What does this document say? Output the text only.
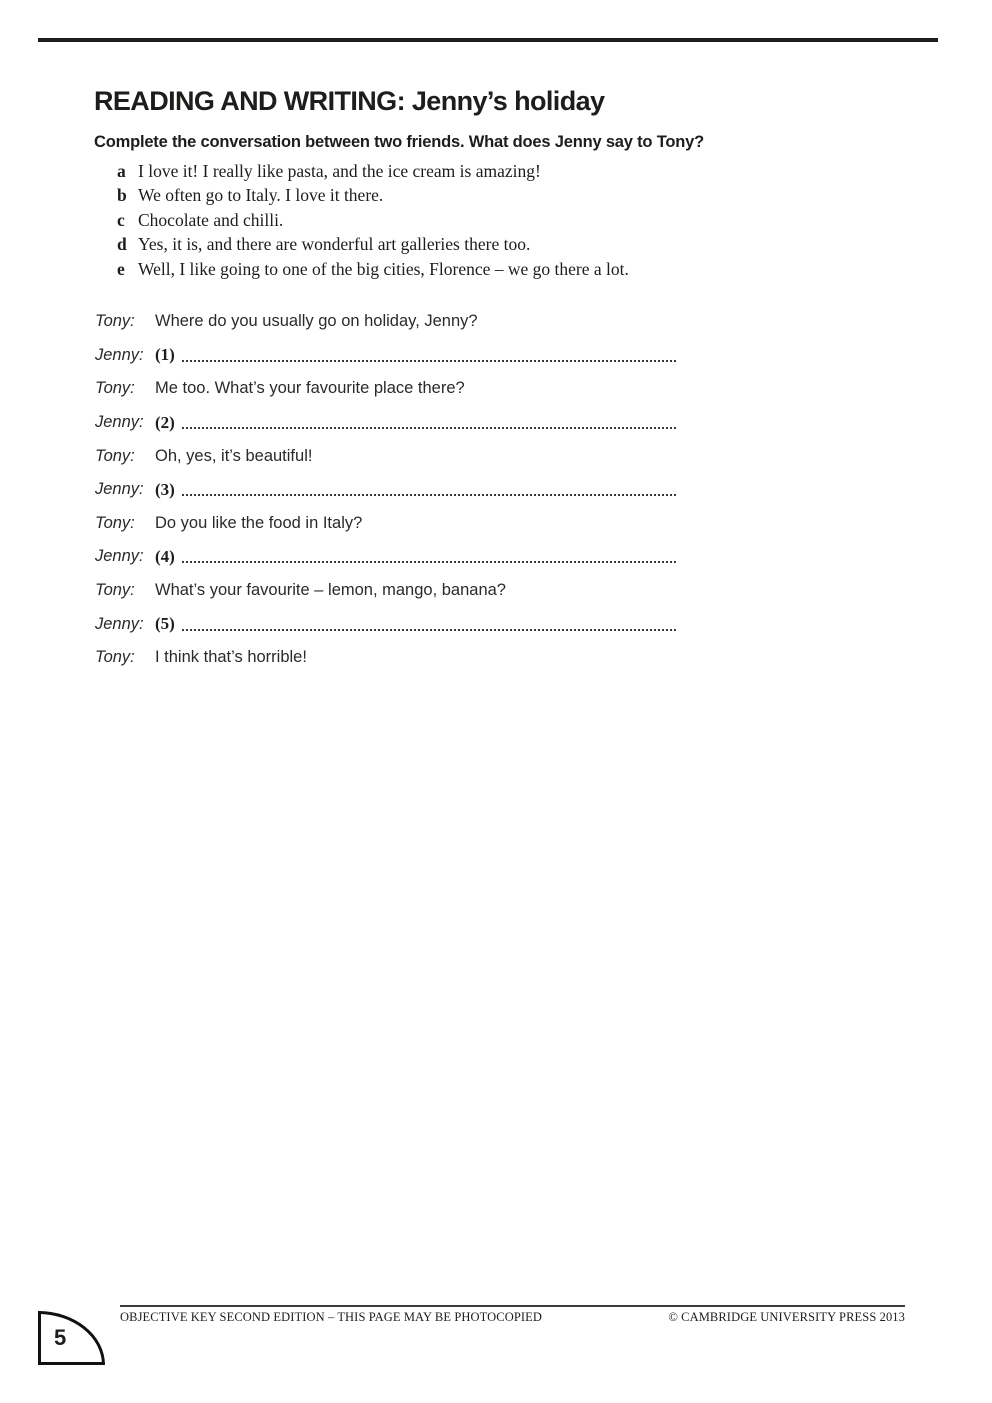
READING AND WRITING: Jenny’s holiday
Complete the conversation between two friends. What does Jenny say to Tony?
a I love it! I really like pasta, and the ice cream is amazing!
b We often go to Italy. I love it there.
c Chocolate and chilli.
d Yes, it is, and there are wonderful art galleries there too.
e Well, I like going to one of the big cities, Florence – we go there a lot.
Tony:	Where do you usually go on holiday, Jenny?
Jenny: (1)
Tony:	Me too. What’s your favourite place there?
Jenny: (2)
Tony:	Oh, yes, it’s beautiful!
Jenny: (3)
Tony:	Do you like the food in Italy?
Jenny: (4)
Tony:	What’s your favourite – lemon, mango, banana?
Jenny: (5)
Tony:	I think that’s horrible!
OBJECTIVE KEY SECOND EDITION – THIS PAGE MAY BE PHOTOCOPIED	© CAMBRIDGE UNIVERSITY PRESS 2013
5
